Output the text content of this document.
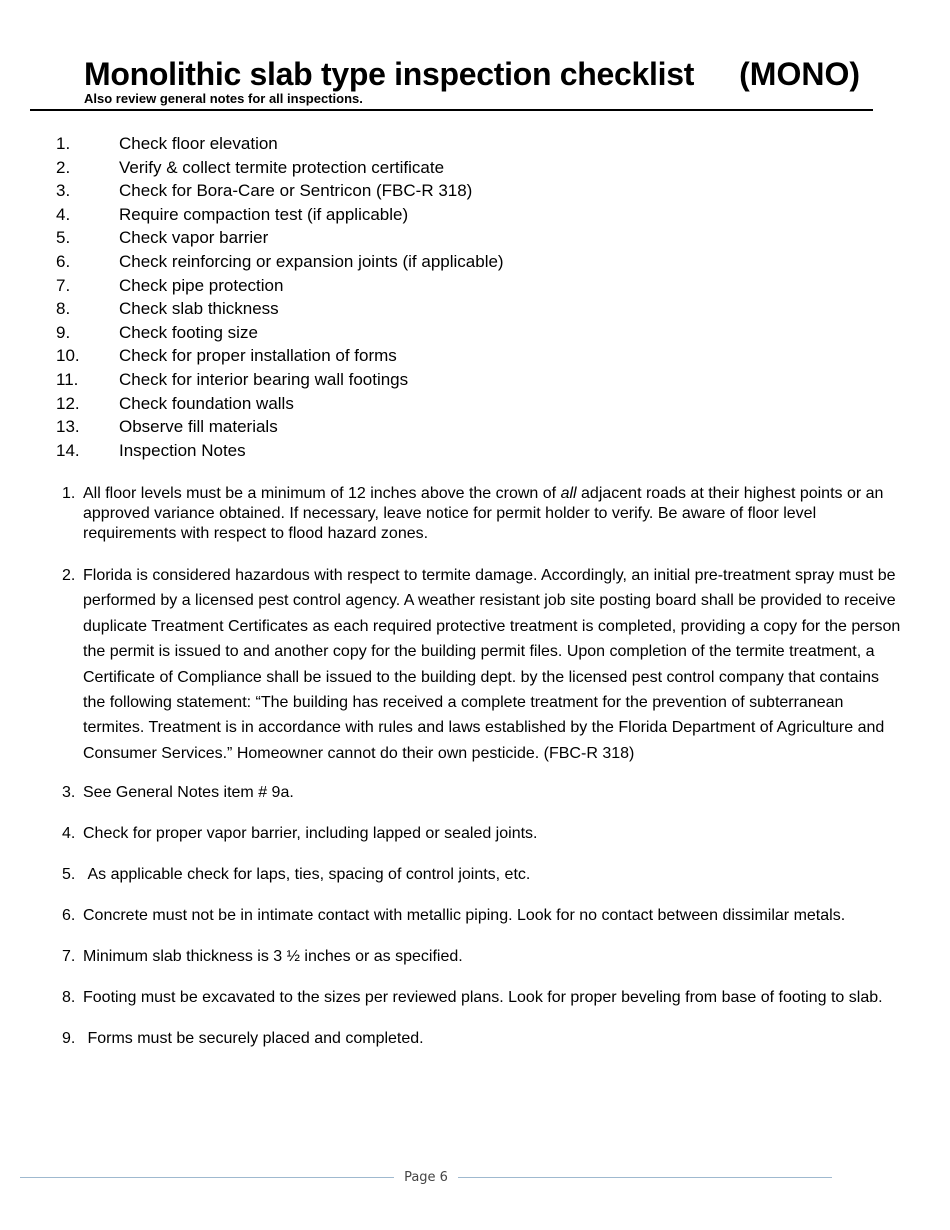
Monolithic slab type inspection checklist (MONO)
Also review general notes for all inspections.
1.	Check floor elevation
2.	Verify & collect termite protection certificate
3.	Check for Bora-Care or Sentricon (FBC-R 318)
4.	Require compaction test (if applicable)
5.	Check vapor barrier
6.	Check reinforcing or expansion joints (if applicable)
7.	Check pipe protection
8.	Check slab thickness
9.	Check footing size
10.	Check for proper installation of forms
11.	Check for interior bearing wall footings
12.	Check foundation walls
13.	Observe fill materials
14.	Inspection Notes
1. All floor levels must be a minimum of 12 inches above the crown of all adjacent roads at their highest points or an approved variance obtained. If necessary, leave notice for permit holder to verify. Be aware of floor level requirements with respect to flood hazard zones.
2. Florida is considered hazardous with respect to termite damage. Accordingly, an initial pre-treatment spray must be performed by a licensed pest control agency. A weather resistant job site posting board shall be provided to receive duplicate Treatment Certificates as each required protective treatment is completed, providing a copy for the person the permit is issued to and another copy for the building permit files. Upon completion of the termite treatment, a Certificate of Compliance shall be issued to the building dept. by the licensed pest control company that contains the following statement: “The building has received a complete treatment for the prevention of subterranean termites. Treatment is in accordance with rules and laws established by the Florida Department of Agriculture and Consumer Services.” Homeowner cannot do their own pesticide. (FBC-R 318)
3. See General Notes item # 9a.
4. Check for proper vapor barrier, including lapped or sealed joints.
5. As applicable check for laps, ties, spacing of control joints, etc.
6. Concrete must not be in intimate contact with metallic piping. Look for no contact between dissimilar metals.
7. Minimum slab thickness is 3 ½ inches or as specified.
8. Footing must be excavated to the sizes per reviewed plans. Look for proper beveling from base of footing to slab.
9. Forms must be securely placed and completed.
Page 6
